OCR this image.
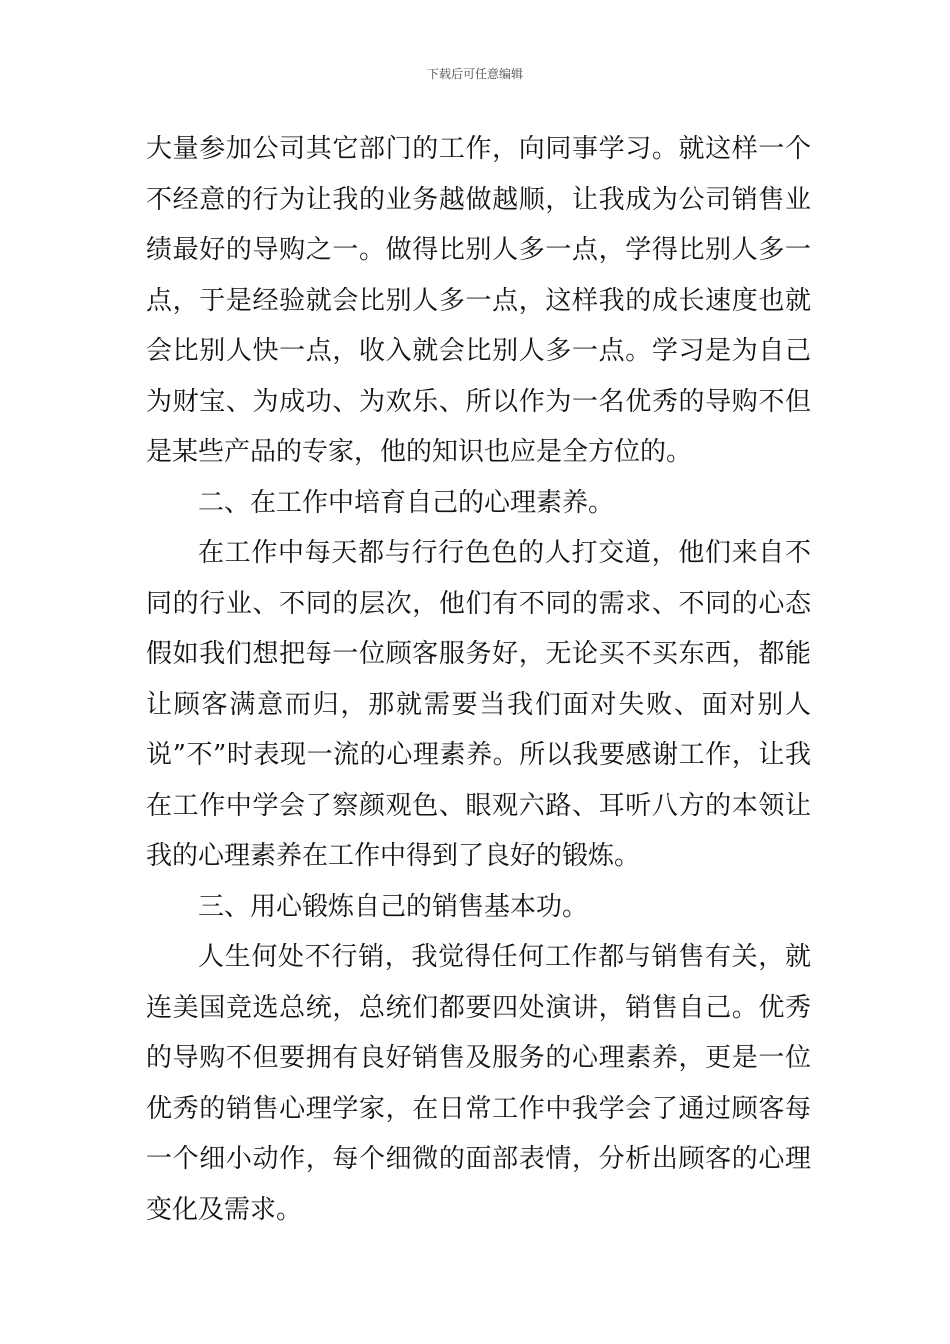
下载后可任意编辑

大量参加公司其它部门的工作，向同事学习。就这样一个不经意的行为让我的业务越做越顺，让我成为公司销售业绩最好的导购之一。做得比别人多一点，学得比别人多一点，于是经验就会比别人多一点，这样我的成长速度也就会比别人快一点，收入就会比别人多一点。学习是为自己为财宝、为成功、为欢乐、所以作为一名优秀的导购不但是某些产品的专家，他的知识也应是全方位的。

二、在工作中培育自己的心理素养。

在工作中每天都与行行色色的人打交道，他们来自不同的行业、不同的层次，他们有不同的需求、不同的心态假如我们想把每一位顾客服务好，无论买不买东西，都能让顾客满意而归，那就需要当我们面对失败、面对别人说”不”时表现一流的心理素养。所以我要感谢工作，让我在工作中学会了察颜观色、眼观六路、耳听八方的本领让我的心理素养在工作中得到了良好的锻炼。

三、用心锻炼自己的销售基本功。

人生何处不行销，我觉得任何工作都与销售有关，就连美国竞选总统，总统们都要四处演讲，销售自己。优秀的导购不但要拥有良好销售及服务的心理素养，更是一位优秀的销售心理学家，在日常工作中我学会了通过顾客每一个细小动作，每个细微的面部表情，分析出顾客的心理变化及需求。
